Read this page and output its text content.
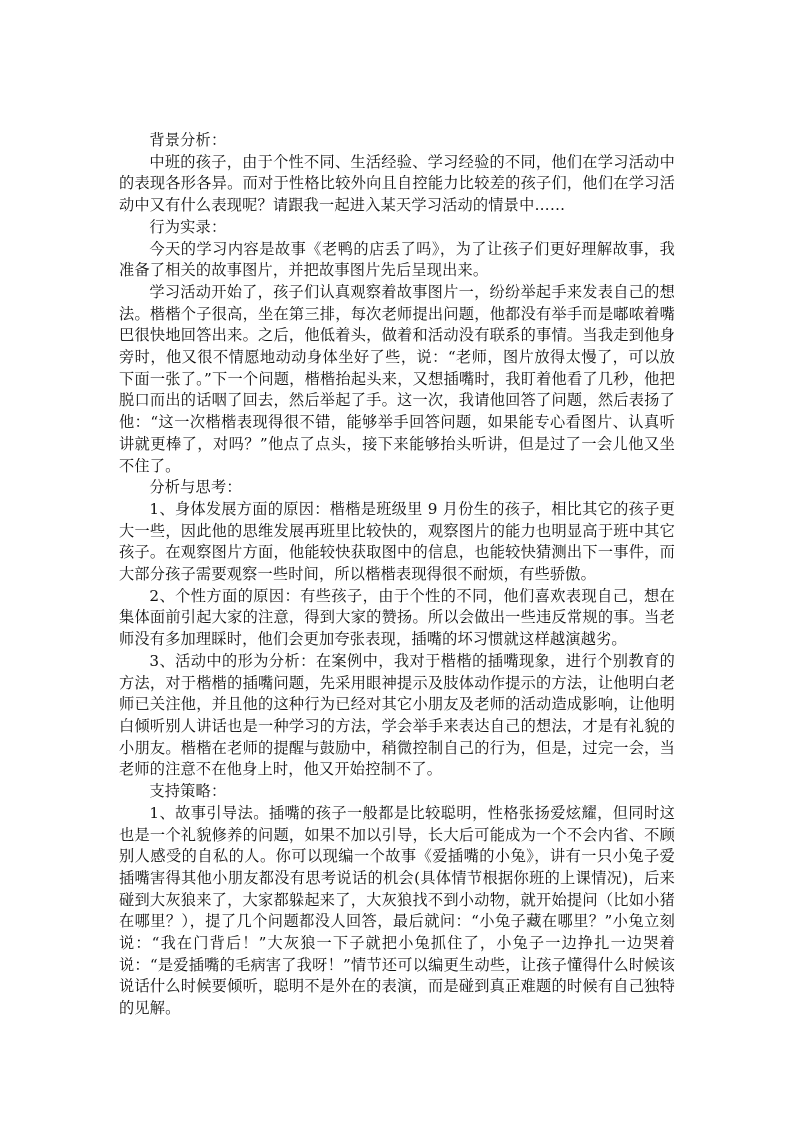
背景分析：

中班的孩子，由于个性不同、生活经验、学习经验的不同，他们在学习活动中的表现各形各异。而对于性格比较外向且自控能力比较差的孩子们，他们在学习活动中又有什么表现呢？请跟我一起进入某天学习活动的情景中……

行为实录：

今天的学习内容是故事《老鸭的店丢了吗》，为了让孩子们更好理解故事，我准备了相关的故事图片，并把故事图片先后呈现出来。

学习活动开始了，孩子们认真观察着故事图片一，纷纷举起手来发表自己的想法。楷楷个子很高，坐在第三排，每次老师提出问题，他都没有举手而是嘟哝着嘴巴很快地回答出来。之后，他低着头，做着和活动没有联系的事情。当我走到他身旁时，他又很不情愿地动动身体坐好了些，说：“老师，图片放得太慢了，可以放下面一张了。”下一个问题，楷楷抬起头来，又想插嘴时，我盯着他看了几秒，他把脱口而出的话咽了回去，然后举起了手。这一次，我请他回答了问题，然后表扬了他：“这一次楷楷表现得很不错，能够举手回答问题，如果能专心看图片、认真听讲就更棒了，对吗？”他点了点头，接下来能够抬头听讲，但是过了一会儿他又坐不住了。

分析与思考：

1、身体发展方面的原因：楷楷是班级里 9 月份生的孩子，相比其它的孩子更大一些，因此他的思维发展再班里比较快的，观察图片的能力也明显高于班中其它孩子。在观察图片方面，他能较快获取图中的信息，也能较快猜测出下一事件，而大部分孩子需要观察一些时间，所以楷楷表现得很不耐烦，有些骄傲。

2、个性方面的原因：有些孩子，由于个性的不同，他们喜欢表现自己，想在集体面前引起大家的注意，得到大家的赞扬。所以会做出一些违反常规的事。当老师没有多加理睬时，他们会更加夸张表现，插嘴的坏习惯就这样越演越劣。

3、活动中的形为分析：在案例中，我对于楷楷的插嘴现象，进行个别教育的方法，对于楷楷的插嘴问题，先采用眼神提示及肢体动作提示的方法，让他明白老师已关注他，并且他的这种行为已经对其它小朋友及老师的活动造成影响，让他明白倾听别人讲话也是一种学习的方法，学会举手来表达自己的想法，才是有礼貌的小朋友。楷楷在老师的提醒与鼓励中，稍微控制自己的行为，但是，过完一会，当老师的注意不在他身上时，他又开始控制不了。

支持策略：

1、故事引导法。插嘴的孩子一般都是比较聪明，性格张扬爱炫耀，但同时这也是一个礼貌修养的问题，如果不加以引导，长大后可能成为一个不会内省、不顾别人感受的自私的人。你可以现编一个故事《爱插嘴的小兔》，讲有一只小兔子爱插嘴害得其他小朋友都没有思考说话的机会(具体情节根据你班的上课情况)，后来碰到大灰狼来了，大家都躲起来了，大灰狼找不到小动物，就开始提问（比如小猪在哪里？），提了几个问题都没人回答，最后就问：“小兔子藏在哪里？”小兔立刻说：“我在门背后！”大灰狼一下子就把小兔抓住了，小兔子一边挣扎一边哭着说：“是爱插嘴的毛病害了我呀！”情节还可以编更生动些，让孩子懂得什么时候该说话什么时候要倾听，聪明不是外在的表演，而是碰到真正难题的时候有自己独特的见解。
